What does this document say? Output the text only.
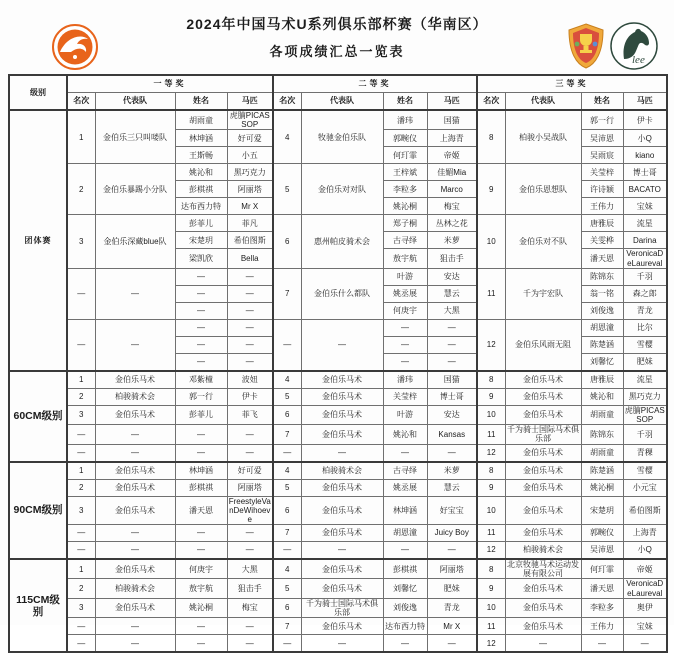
2024年中国马术U系列俱乐部杯赛（华南区）
各项成绩汇总一览表
lee
级别	一等奖				二等奖				三等奖			
	名次	代表队	姓名	马匹	名次	代表队	姓名	马匹	名次	代表队	姓名	马匹
团体赛	1	金伯乐三只叫喽队	胡雨童	虎腩PICASSOP	4	牧驰金伯乐队	潘玮	国猫	8	柏骏小吴战队	郭一行	伊卡
			林坤涵	好可爱			郭畹仪	上海青			吴沛恩	小Q
			王斯畅	小五			何玎霏	帝姬			吴雨宸	kiano
	2	金伯乐暴踢小分队	姚沁和	黑巧克力	5	金伯乐对对队	王梓斌	佳媚Mia	9	金伯乐恩想队	关莹梓	博士哥
			彭棋祺	阿丽塔			李粒多	Marco			许诗颖	BACATO
			达布西力特	Mr X			姚沁桐	梅宝			王伟力	宝妹
	3	金伯乐深藏blue队	彭菲儿	菲凡	6	惠州帕皮骑术会	郑子桐	丛林之花	10	金伯乐对不队	唐雅辰	流星
			宋楚玥	希伯图斯			古寻绎	米萝			关雯桦	Darina
			梁凯欣	Bella			敖宇航	狙击手			潘天恩	VeronicaDeLaureval
	—	—	—	—	7	金伯乐什么都队	叶游	安达	11	千为宇宏队	陈锦东	千羽
			—	—			姚丞展	慧云			翁一铭	森之郎
			—	—			何庚宇	大黑			刘俊逸	青龙
	—	—	—	—	—	—	—	—	12	金伯乐风雨无阻	胡恩潼	比尔
			—	—			—	—			陈楚涵	雪樱
			—	—			—	—			刘馨忆	肥妹
60CM级别	1	金伯乐马术	邓紫橦	波妞	4	金伯乐马术	潘玮	国猫	8	金伯乐马术	唐雅辰	流星
	2	柏骏骑术会	郭一行	伊卡	5	金伯乐马术	关莹梓	博士哥	9	金伯乐马术	姚沁和	黑巧克力
	3	金伯乐马术	彭菲儿	菲飞	6	金伯乐马术	叶游	安达	10	金伯乐马术	胡雨童	虎腩PICASSOP
	—	—	—	—	7	金伯乐马术	姚沁和	Kansas	11	千为骑士国际马术俱乐部	陈锦东	千羽
	—	—	—	—	—	—	—	—	12	金伯乐马术	胡雨童	青稞
90CM级别	1	金伯乐马术	林坤涵	好可爱	4	柏骏骑术会	古寻绎	米萝	8	金伯乐马术	陈楚涵	雪樱
	2	金伯乐马术	彭棋祺	阿丽塔	5	金伯乐马术	姚丞展	慧云	9	金伯乐马术	姚沁桐	小元宝
	3	金伯乐马术	潘天恩	FreestyleVanDeWihoeve	6	金伯乐马术	林坤涵	好宝宝	10	金伯乐马术	宋楚玥	希伯图斯
	—	—	—	—	7	金伯乐马术	胡恩潼	Juicy Boy	11	金伯乐马术	郭畹仪	上海青
	—	—	—	—	—	—	—	—	12	柏骏骑术会	吴沛恩	小Q
115CM级别	1	金伯乐马术	何庚宇	大黑	4	金伯乐马术	彭棋祺	阿丽塔	8	北京牧驰马术运动发展有限公司	何玎霏	帝姬
	2	柏骏骑术会	敖宇航	狙击手	5	金伯乐马术	刘馨忆	肥妹	9	金伯乐马术	潘天恩	VeronicaDeLaureval
	3	金伯乐马术	姚沁桐	梅宝	6	千为骑士国际马术俱乐部	刘俊逸	青龙	10	金伯乐马术	李粒多	奥伊
	—	—	—	—	7	金伯乐马术	达布西力特	Mr X	11	金伯乐马术	王伟力	宝妹
	—	—	—	—	—	—	—	—	12	—	—	—
